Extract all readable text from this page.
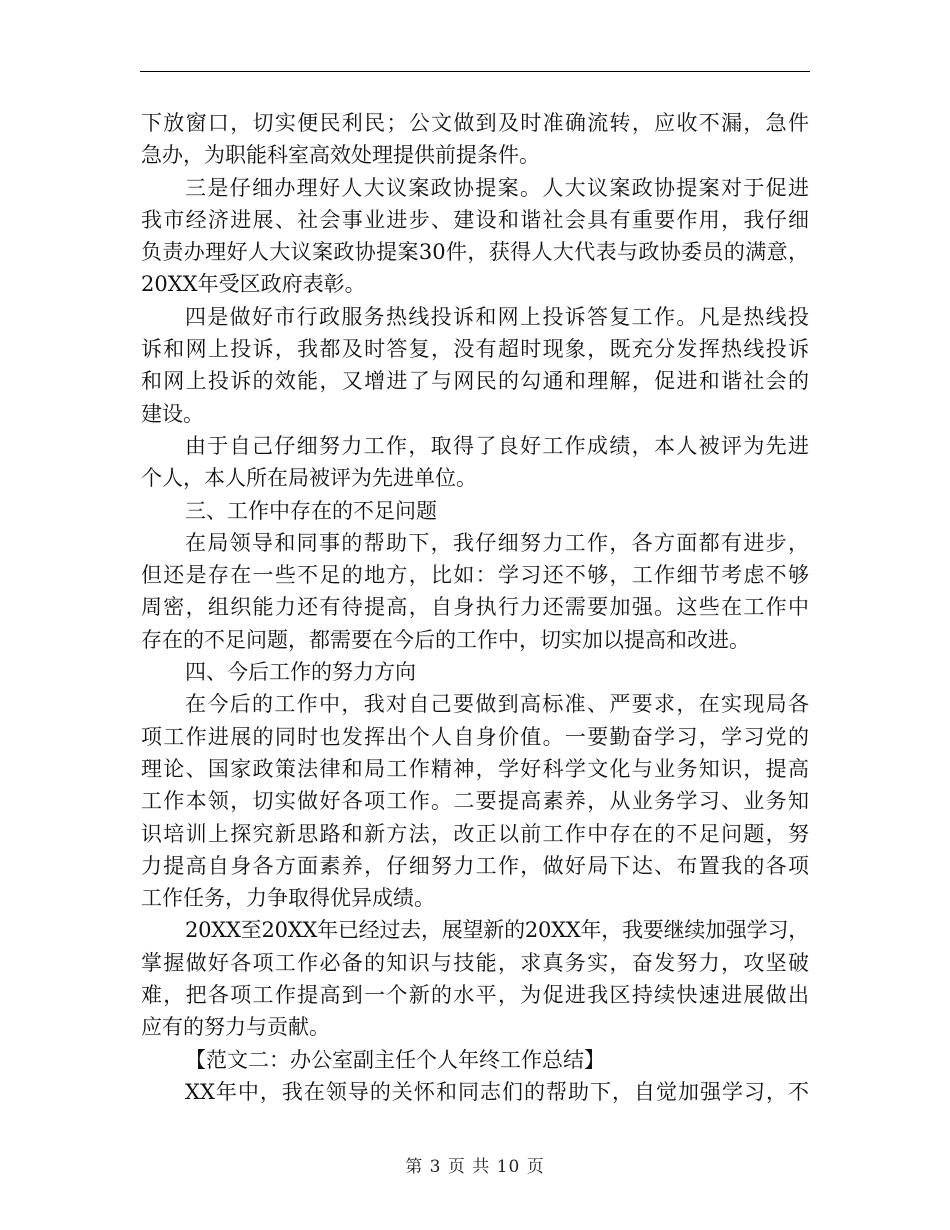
下放窗口，切实便民利民；公文做到及时准确流转，应收不漏，急件
急办，为职能科室高效处理提供前提条件。
三是仔细办理好人大议案政协提案。人大议案政协提案对于促进
我市经济进展、社会事业进步、建设和谐社会具有重要作用，我仔细
负责办理好人大议案政协提案30件，获得人大代表与政协委员的满意，
20XX年受区政府表彰。
四是做好市行政服务热线投诉和网上投诉答复工作。凡是热线投
诉和网上投诉，我都及时答复，没有超时现象，既充分发挥热线投诉
和网上投诉的效能，又增进了与网民的勾通和理解，促进和谐社会的
建设。
由于自己仔细努力工作，取得了良好工作成绩，本人被评为先进
个人，本人所在局被评为先进单位。
三、工作中存在的不足问题
在局领导和同事的帮助下，我仔细努力工作，各方面都有进步，
但还是存在一些不足的地方，比如：学习还不够，工作细节考虑不够
周密，组织能力还有待提高，自身执行力还需要加强。这些在工作中
存在的不足问题，都需要在今后的工作中，切实加以提高和改进。
四、今后工作的努力方向
在今后的工作中，我对自己要做到高标准、严要求，在实现局各
项工作进展的同时也发挥出个人自身价值。一要勤奋学习，学习党的
理论、国家政策法律和局工作精神，学好科学文化与业务知识，提高
工作本领，切实做好各项工作。二要提高素养，从业务学习、业务知
识培训上探究新思路和新方法，改正以前工作中存在的不足问题，努
力提高自身各方面素养，仔细努力工作，做好局下达、布置我的各项
工作任务，力争取得优异成绩。
20XX至20XX年已经过去，展望新的20XX年，我要继续加强学习，
掌握做好各项工作必备的知识与技能，求真务实，奋发努力，攻坚破
难，把各项工作提高到一个新的水平，为促进我区持续快速进展做出
应有的努力与贡献。
【范文二：办公室副主任个人年终工作总结】
XX年中，我在领导的关怀和同志们的帮助下，自觉加强学习，不
第 3 页 共 10 页
